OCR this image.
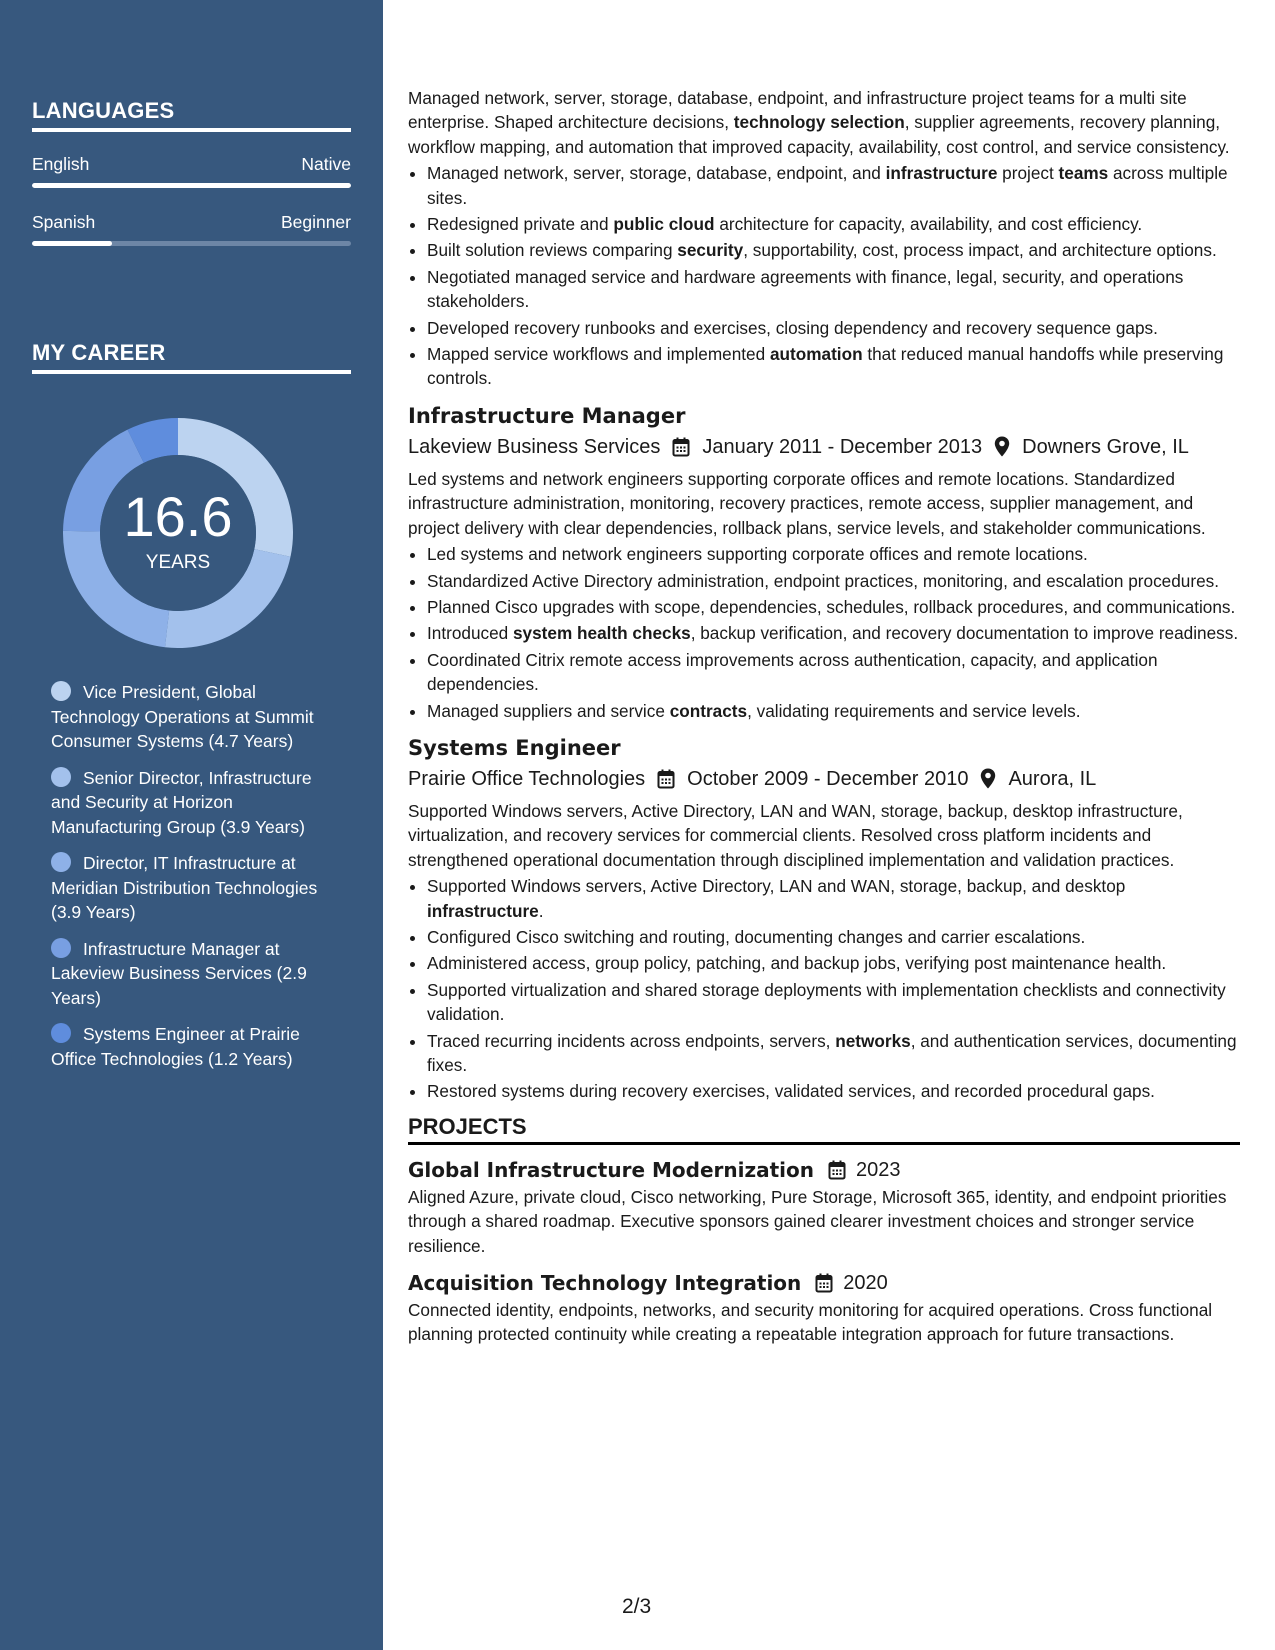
LANGUAGES
English	Native
Spanish	Beginner
MY CAREER
16.6
YEARS
Vice President, Global Technology Operations at Summit Consumer Systems (4.7 Years)
Senior Director, Infrastructure and Security at Horizon Manufacturing Group (3.9 Years)
Director, IT Infrastructure at Meridian Distribution Technologies (3.9 Years)
Infrastructure Manager at Lakeview Business Services (2.9 Years)
Systems Engineer at Prairie Office Technologies (1.2 Years)

Managed network, server, storage, database, endpoint, and infrastructure project teams for a multi site enterprise. Shaped architecture decisions, technology selection, supplier agreements, recovery planning, workflow mapping, and automation that improved capacity, availability, cost control, and service consistency.

• Managed network, server, storage, database, endpoint, and infrastructure project teams across multiple sites.
• Redesigned private and public cloud architecture for capacity, availability, and cost efficiency.
• Built solution reviews comparing security, supportability, cost, process impact, and architecture options.
• Negotiated managed service and hardware agreements with finance, legal, security, and operations stakeholders.
• Developed recovery runbooks and exercises, closing dependency and recovery sequence gaps.
• Mapped service workflows and implemented automation that reduced manual handoffs while preserving controls.
Infrastructure Manager
Lakeview Business Services January 2011 - December 2013 Downers Grove, IL

Led systems and network engineers supporting corporate offices and remote locations. Standardized infrastructure administration, monitoring, recovery practices, remote access, supplier management, and project delivery with clear dependencies, rollback plans, service levels, and stakeholder communications.

• Led systems and network engineers supporting corporate offices and remote locations.
• Standardized Active Directory administration, endpoint practices, monitoring, and escalation procedures.
• Planned Cisco upgrades with scope, dependencies, schedules, rollback procedures, and communications.
• Introduced system health checks, backup verification, and recovery documentation to improve readiness.
• Coordinated Citrix remote access improvements across authentication, capacity, and application dependencies.
• Managed suppliers and service contracts, validating requirements and service levels.
Systems Engineer
Prairie Office Technologies October 2009 - December 2010 Aurora, IL

Supported Windows servers, Active Directory, LAN and WAN, storage, backup, desktop infrastructure, virtualization, and recovery services for commercial clients. Resolved cross platform incidents and strengthened operational documentation through disciplined implementation and validation practices.

• Supported Windows servers, Active Directory, LAN and WAN, storage, backup, and desktop infrastructure.
• Configured Cisco switching and routing, documenting changes and carrier escalations.
• Administered access, group policy, patching, and backup jobs, verifying post maintenance health.
• Supported virtualization and shared storage deployments with implementation checklists and connectivity validation.
• Traced recurring incidents across endpoints, servers, networks, and authentication services, documenting fixes.
• Restored systems during recovery exercises, validated services, and recorded procedural gaps.
PROJECTS
Global Infrastructure Modernization 2023

Aligned Azure, private cloud, Cisco networking, Pure Storage, Microsoft 365, identity, and endpoint priorities through a shared roadmap. Executive sponsors gained clearer investment choices and stronger service resilience.

Acquisition Technology Integration 2020

Connected identity, endpoints, networks, and security monitoring for acquired operations. Cross functional planning protected continuity while creating a repeatable integration approach for future transactions.

2/3
